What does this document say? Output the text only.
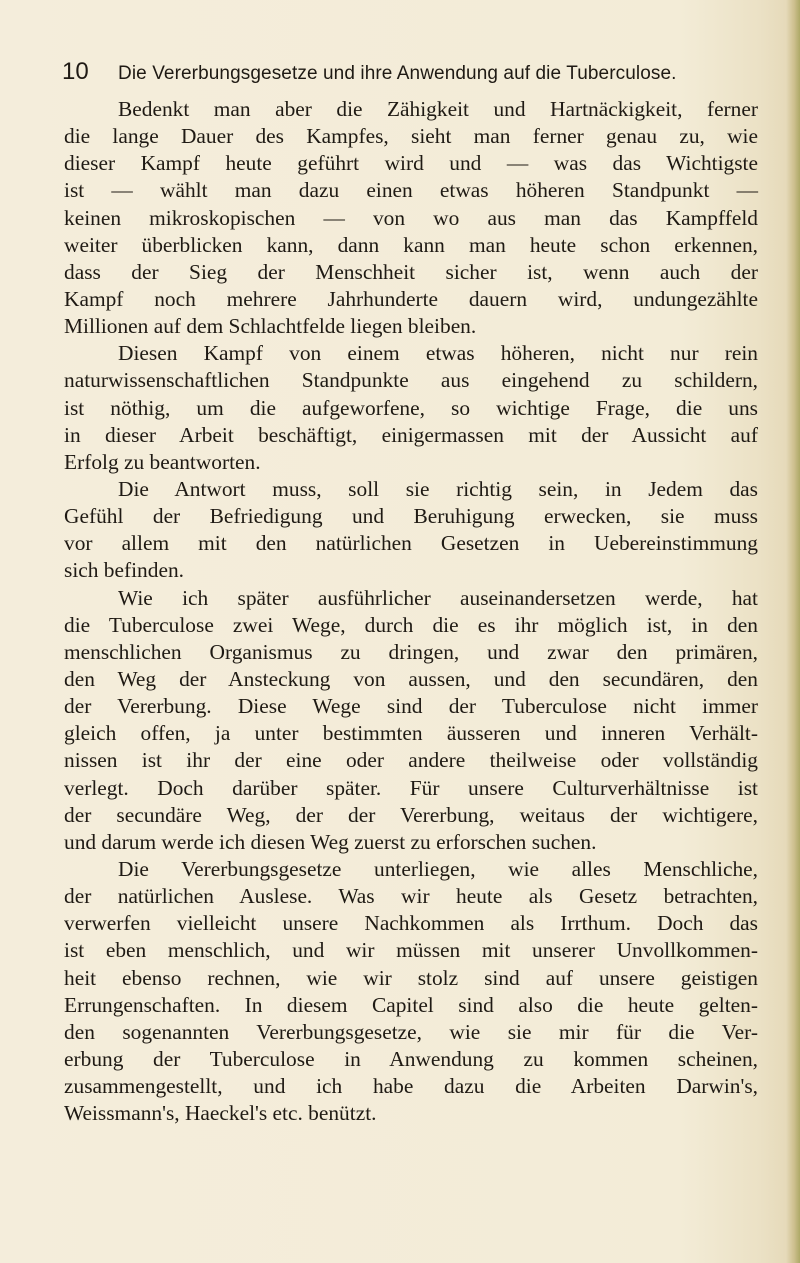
10 Die Vererbungsgesetze und ihre Anwendung auf die Tuberculose.
Bedenkt man aber die Zähigkeit und Hartnäckigkeit, ferner
die lange Dauer des Kampfes, sieht man ferner genau zu, wie
dieser Kampf heute geführt wird und — was das Wichtigste
ist — wählt man dazu einen etwas höheren Standpunkt —
keinen mikroskopischen — von wo aus man das Kampffeld
weiter überblicken kann, dann kann man heute schon erkennen,
dass der Sieg der Menschheit sicher ist, wenn auch der
Kampf noch mehrere Jahrhunderte dauern wird, undungezählte
Millionen auf dem Schlachtfelde liegen bleiben.
Diesen Kampf von einem etwas höheren, nicht nur rein
naturwissenschaftlichen Standpunkte aus eingehend zu schildern,
ist nöthig, um die aufgeworfene, so wichtige Frage, die uns
in dieser Arbeit beschäftigt, einigermassen mit der Aussicht auf
Erfolg zu beantworten.
Die Antwort muss, soll sie richtig sein, in Jedem das
Gefühl der Befriedigung und Beruhigung erwecken, sie muss
vor allem mit den natürlichen Gesetzen in Uebereinstimmung
sich befinden.
Wie ich später ausführlicher auseinandersetzen werde, hat
die Tuberculose zwei Wege, durch die es ihr möglich ist, in den
menschlichen Organismus zu dringen, und zwar den primären,
den Weg der Ansteckung von aussen, und den secundären, den
der Vererbung. Diese Wege sind der Tuberculose nicht immer
gleich offen, ja unter bestimmten äusseren und inneren Verhält-
nissen ist ihr der eine oder andere theilweise oder vollständig
verlegt. Doch darüber später. Für unsere Culturverhältnisse ist
der secundäre Weg, der der Vererbung, weitaus der wichtigere,
und darum werde ich diesen Weg zuerst zu erforschen suchen.
Die Vererbungsgesetze unterliegen, wie alles Menschliche,
der natürlichen Auslese. Was wir heute als Gesetz betrachten,
verwerfen vielleicht unsere Nachkommen als Irrthum. Doch das
ist eben menschlich, und wir müssen mit unserer Unvollkommen-
heit ebenso rechnen, wie wir stolz sind auf unsere geistigen
Errungenschaften. In diesem Capitel sind also die heute gelten-
den sogenannten Vererbungsgesetze, wie sie mir für die Ver-
erbung der Tuberculose in Anwendung zu kommen scheinen,
zusammengestellt, und ich habe dazu die Arbeiten Darwin's,
Weissmann's, Haeckel's etc. benützt.
